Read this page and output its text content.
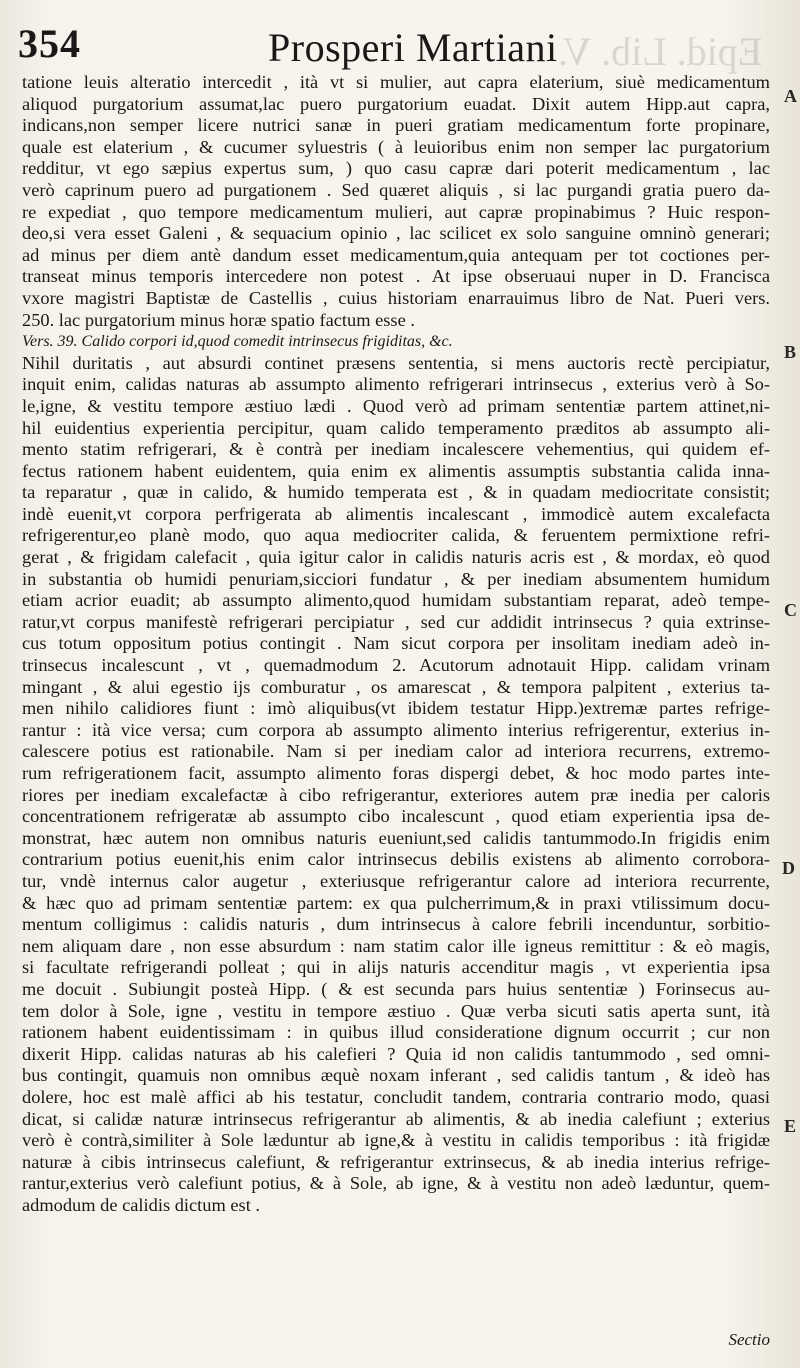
354	Prosperi Martiani Epid. Lib. V.
tatione leuis alteratio intercedit , ità vt si mulier, aut capra elaterium, siuè medicamentum
aliquod purgatorium assumat,lac puero purgatorium euadat. Dixit autem Hipp.aut capra,
indicans,non semper licere nutrici sanæ in pueri gratiam medicamentum forte propinare,
quale est elaterium , & cucumer syluestris ( à leuioribus enim non semper lac purgatorium
redditur, vt ego sæpius expertus sum, ) quo casu capræ dari poterit medicamentum , lac
verò caprinum puero ad purgationem . Sed quæret aliquis , si lac purgandi gratia puero da-
re expediat , quo tempore medicamentum mulieri, aut capræ propinabimus ? Huic respon-
deo,si vera esset Galeni , & sequacium opinio , lac scilicet ex solo sanguine omninò generari;
ad minus per diem antè dandum esset medicamentum,quia antequam per tot coctiones per-
transeat minus temporis intercedere non potest . At ipse obseruaui nuper in D. Francisca
vxore magistri Baptistæ de Castellis , cuius historiam enarrauimus libro de Nat. Pueri vers.
250. lac purgatorium minus horæ spatio factum esse .
Vers. 39. Calido corpori id,quod comedit intrinsecus frigiditas, &c.
Nihil duritatis , aut absurdi continet præsens sententia, si mens auctoris rectè percipiatur,
inquit enim, calidas naturas ab assumpto alimento refrigerari intrinsecus , exterius verò à So-
le,igne, & vestitu tempore æstiuo lædi . Quod verò ad primam sententiæ partem attinet,ni-
hil euidentius experientia percipitur, quam calido temperamento præditos ab assumpto ali-
mento statim refrigerari, & è contrà per inediam incalescere vehementius, qui quidem ef-
fectus rationem habent euidentem, quia enim ex alimentis assumptis substantia calida inna-
ta reparatur , quæ in calido, & humido temperata est , & in quadam mediocritate consistit;
indè euenit,vt corpora perfrigerata ab alimentis incalescant , immodicè autem excalefacta
refrigerentur,eo planè modo, quo aqua mediocriter calida, & feruentem permixtione refri-
gerat , & frigidam calefacit , quia igitur calor in calidis naturis acris est , & mordax, eò quod
in substantia ob humidi penuriam,sicciori fundatur , & per inediam absumentem humidum
etiam acrior euadit; ab assumpto alimento,quod humidam substantiam reparat, adeò tempe-
ratur,vt corpus manifestè refrigerari percipiatur , sed cur addidit intrinsecus ? quia extrinse-
cus totum oppositum potius contingit . Nam sicut corpora per insolitam inediam adeò in-
trinsecus incalescunt , vt , quemadmodum 2. Acutorum adnotauit Hipp. calidam vrinam
mingant , & alui egestio ijs comburatur , os amarescat , & tempora palpitent , exterius ta-
men nihilo calidiores fiunt : imò aliquibus(vt ibidem testatur Hipp.)extremæ partes refrige-
rantur : ità vice versa; cum corpora ab assumpto alimento interius refrigerentur, exterius in-
calescere potius est rationabile. Nam si per inediam calor ad interiora recurrens, extremo-
rum refrigerationem facit, assumpto alimento foras dispergi debet, & hoc modo partes inte-
riores per inediam excalefactæ à cibo refrigerantur, exteriores autem præ inedia per caloris
concentrationem refrigeratæ ab assumpto cibo incalescunt , quod etiam experientia ipsa de-
monstrat, hæc autem non omnibus naturis eueniunt,sed calidis tantummodo.In frigidis enim
contrarium potius euenit,his enim calor intrinsecus debilis existens ab alimento corrobora-
tur, vndè internus calor augetur , exteriusque refrigerantur calore ad interiora recurrente,
& hæc quo ad primam sententiæ partem: ex qua pulcherrimum,& in praxi vtilissimum docu-
mentum colligimus : calidis naturis , dum intrinsecus à calore febrili incenduntur, sorbitio-
nem aliquam dare , non esse absurdum : nam statim calor ille igneus remittitur : & eò magis,
si facultate refrigerandi polleat ; qui in alijs naturis accenditur magis , vt experientia ipsa
me docuit . Subiungit posteà Hipp. ( & est secunda pars huius sententiæ ) Forinsecus au-
tem dolor à Sole, igne , vestitu in tempore æstiuo . Quæ verba sicuti satis aperta sunt, ità
rationem habent euidentissimam : in quibus illud consideratione dignum occurrit ; cur non
dixerit Hipp. calidas naturas ab his calefieri ? Quia id non calidis tantummodo , sed omni-
bus contingit, quamuis non omnibus æquè noxam inferant , sed calidis tantum , & ideò has
dolere, hoc est malè affici ab his testatur, concludit tandem, contraria contrario modo, quasi
dicat, si calidæ naturæ intrinsecus refrigerantur ab alimentis, & ab inedia calefiunt ; exterius
verò è contrà,similiter à Sole læduntur ab igne,& à vestitu in calidis temporibus : ità frigidæ
naturæ à cibis intrinsecus calefiunt, & refrigerantur extrinsecus, & ab inedia interius refrige-
rantur,exterius verò calefiunt potius, & à Sole, ab igne, & à vestitu non adeò læduntur, quem-
admodum de calidis dictum est .
A
B
C
D
E
Sectio
